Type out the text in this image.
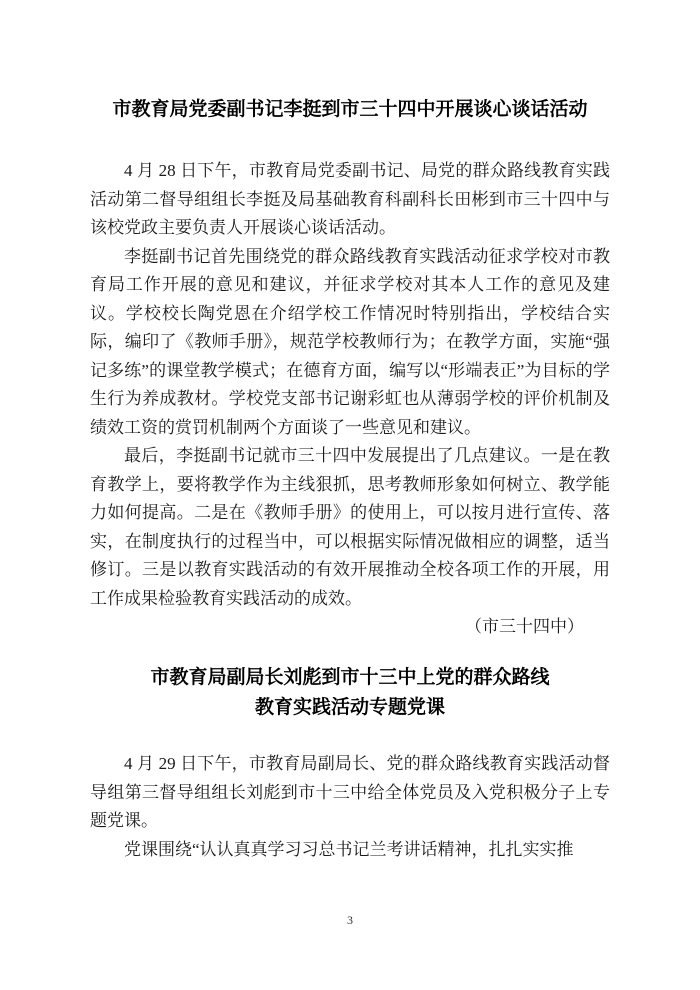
市教育局党委副书记李挺到市三十四中开展谈心谈话活动

4 月 28 日下午，市教育局党委副书记、局党的群众路线教育实践活动第二督导组组长李挺及局基础教育科副科长田彬到市三十四中与该校党政主要负责人开展谈心谈话活动。

李挺副书记首先围绕党的群众路线教育实践活动征求学校对市教育局工作开展的意见和建议，并征求学校对其本人工作的意见及建议。学校校长陶党恩在介绍学校工作情况时特别指出，学校结合实际，编印了《教师手册》，规范学校教师行为；在教学方面，实施“强记多练”的课堂教学模式；在德育方面，编写以“形端表正”为目标的学生行为养成教材。学校党支部书记谢彩虹也从薄弱学校的评价机制及绩效工资的赏罚机制两个方面谈了一些意见和建议。

最后，李挺副书记就市三十四中发展提出了几点建议。一是在教育教学上，要将教学作为主线狠抓，思考教师形象如何树立、教学能力如何提高。二是在《教师手册》的使用上，可以按月进行宣传、落实，在制度执行的过程当中，可以根据实际情况做相应的调整，适当修订。三是以教育实践活动的有效开展推动全校各项工作的开展，用工作成果检验教育实践活动的成效。

（市三十四中）
市教育局副局长刘彪到市十三中上党的群众路线
教育实践活动专题党课

4 月 29 日下午，市教育局副局长、党的群众路线教育实践活动督导组第三督导组组长刘彪到市十三中给全体党员及入党积极分子上专题党课。

党课围绕“认认真真学习习总书记兰考讲话精神，扎扎实实推

3
